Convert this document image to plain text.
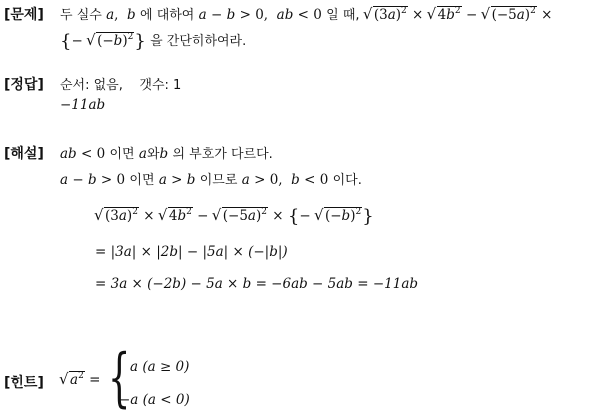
[문제] 두 실수 a,  b 에 대하여 a − b > 0,  ab < 0 일 때, √ $(3a)^2$ × √ $4b^2$ − √ $(-5a)^2$ ×
{− √ $(-b)^2$} 을 간단히하여라.
[정답] 순서: 없음, 갯수: 1
−11ab
[해설] ab < 0 이면 a와b 의 부호가 다르다.
a − b > 0 이면 a > b 이므로 a > 0,  b < 0 이다.
√ $(3a)^2$ × √ $4b^2$ − √ $(-5a)^2$ × {− √ $(-b)^2$}
= |3a| × |2b| − |5a| × (−|b|)
= 3a × (−2b) − 5a × b = −6ab − 5ab = −11ab
[힌트]	√ $a^2$ = { a (a ≥ 0)
−a (a < 0)
